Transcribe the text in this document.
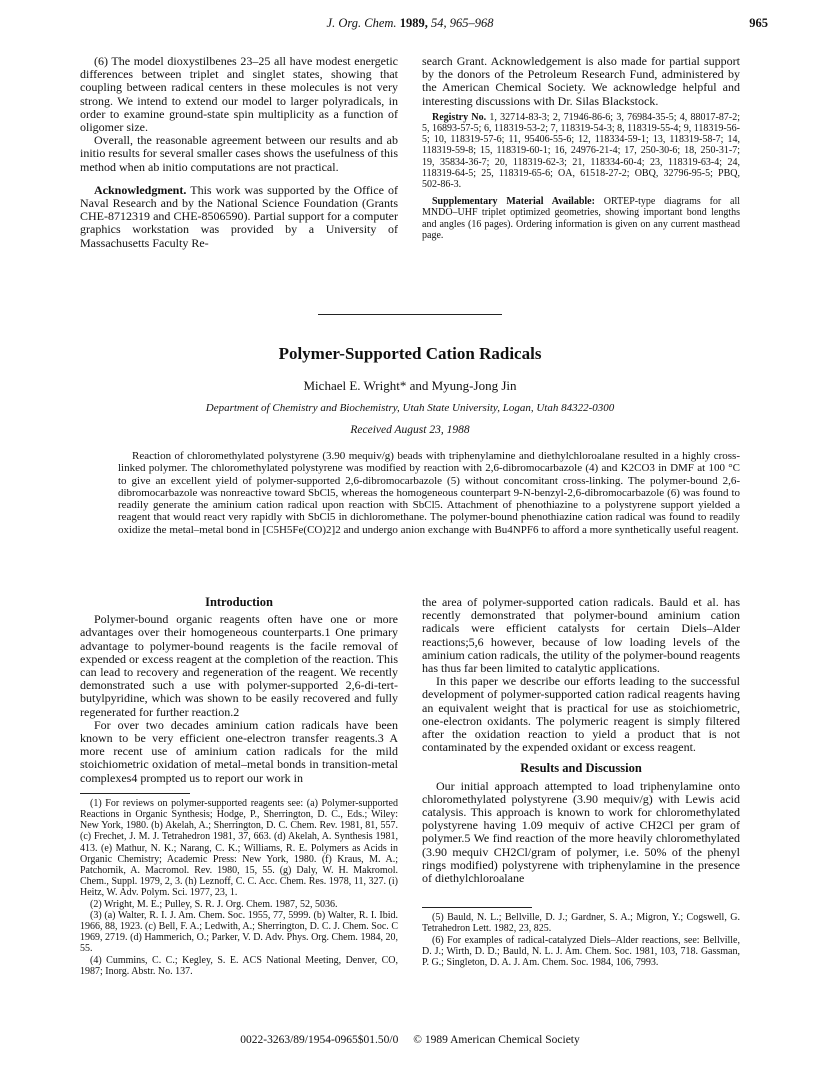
J. Org. Chem. 1989, 54, 965–968	965

(6) The model dioxystilbenes 23–25 all have modest energetic differences between triplet and singlet states, showing that coupling between radical centers in these molecules is not very strong. We intend to extend our model to larger polyradicals, in order to examine ground-state spin multiplicity as a function of oligomer size.

Overall, the reasonable agreement between our results and ab initio results for several smaller cases shows the usefulness of this method when ab initio computations are not practical.

Acknowledgment. This work was supported by the Office of Naval Research and by the National Science Foundation (Grants CHE-8712319 and CHE-8506590). Partial support for a computer graphics workstation was provided by a University of Massachusetts Faculty Re-

search Grant. Acknowledgement is also made for partial support by the donors of the Petroleum Research Fund, administered by the American Chemical Society. We acknowledge helpful and interesting discussions with Dr. Silas Blackstock.

Registry No. 1, 32714-83-3; 2, 71946-86-6; 3, 76984-35-5; 4, 88017-87-2; 5, 16893-57-5; 6, 118319-53-2; 7, 118319-54-3; 8, 118319-55-4; 9, 118319-56-5; 10, 118319-57-6; 11, 95406-55-6; 12, 118334-59-1; 13, 118319-58-7; 14, 118319-59-8; 15, 118319-60-1; 16, 24976-21-4; 17, 250-30-6; 18, 250-31-7; 19, 35834-36-7; 20, 118319-62-3; 21, 118334-60-4; 23, 118319-63-4; 24, 118319-64-5; 25, 118319-65-6; OA, 61518-27-2; OBQ, 32796-95-5; PBQ, 502-86-3.

Supplementary Material Available: ORTEP-type diagrams for all MNDO–UHF triplet optimized geometries, showing important bond lengths and angles (16 pages). Ordering information is given on any current masthead page.

Polymer-Supported Cation Radicals
Michael E. Wright* and Myung-Jong Jin
Department of Chemistry and Biochemistry, Utah State University, Logan, Utah 84322-0300
Received August 23, 1988

Reaction of chloromethylated polystyrene (3.90 mequiv/g) beads with triphenylamine and diethylchloroalane resulted in a highly cross-linked polymer. The chloromethylated polystyrene was modified by reaction with 2,6-dibromocarbazole (4) and K2CO3 in DMF at 100 °C to give an excellent yield of polymer-supported 2,6-dibromocarbazole (5) without concomitant cross-linking. The polymer-bound 2,6-dibromocarbazole was nonreactive toward SbCl5, whereas the homogeneous counterpart 9-N-benzyl-2,6-dibromocarbazole (6) was found to readily generate the aminium cation radical upon reaction with SbCl5. Attachment of phenothiazine to a polystyrene support yielded a reagent that would react very rapidly with SbCl5 in dichloromethane. The polymer-bound phenothiazine cation radical was found to readily oxidize the metal–metal bond in [C5H5Fe(CO)2]2 and undergo anion exchange with Bu4NPF6 to afford a more synthetically useful reagent.

Introduction

Polymer-bound organic reagents often have one or more advantages over their homogeneous counterparts.1 One primary advantage to polymer-bound reagents is the facile removal of expended or excess reagent at the completion of the reaction. This can lead to recovery and regeneration of the reagent. We recently demonstrated such a use with polymer-supported 2,6-di-tert-butylpyridine, which was shown to be easily recovered and fully regenerated for further reaction.2

For over two decades aminium cation radicals have been known to be very efficient one-electron transfer reagents.3 A more recent use of aminium cation radicals for the mild stoichiometric oxidation of metal–metal bonds in transition-metal complexes4 prompted us to report our work in

(1) For reviews on polymer-supported reagents see: (a) Polymer-supported Reactions in Organic Synthesis; Hodge, P., Sherrington, D. C., Eds.; Wiley: New York, 1980. (b) Akelah, A.; Sherrington, D. C. Chem. Rev. 1981, 81, 557. (c) Frechet, J. M. J. Tetrahedron 1981, 37, 663. (d) Akelah, A. Synthesis 1981, 413. (e) Mathur, N. K.; Narang, C. K.; Williams, R. E. Polymers as Acids in Organic Chemistry; Academic Press: New York, 1980. (f) Kraus, M. A.; Patchornik, A. Macromol. Rev. 1980, 15, 55. (g) Daly, W. H. Makromol. Chem., Suppl. 1979, 2, 3. (h) Leznoff, C. C. Acc. Chem. Res. 1978, 11, 327. (i) Heitz, W. Adv. Polym. Sci. 1977, 23, 1.

(2) Wright, M. E.; Pulley, S. R. J. Org. Chem. 1987, 52, 5036.

(3) (a) Walter, R. I. J. Am. Chem. Soc. 1955, 77, 5999. (b) Walter, R. I. Ibid. 1966, 88, 1923. (c) Bell, F. A.; Ledwith, A.; Sherrington, D. C. J. Chem. Soc. C 1969, 2719. (d) Hammerich, O.; Parker, V. D. Adv. Phys. Org. Chem. 1984, 20, 55.

(4) Cummins, C. C.; Kegley, S. E. ACS National Meeting, Denver, CO, 1987; Inorg. Abstr. No. 137.

the area of polymer-supported cation radicals. Bauld et al. has recently demonstrated that polymer-bound aminium cation radicals were efficient catalysts for certain Diels–Alder reactions;5,6 however, because of low loading levels of the aminium cation radicals, the utility of the polymer-bound reagents has thus far been limited to catalytic applications.

In this paper we describe our efforts leading to the successful development of polymer-supported cation radical reagents having an equivalent weight that is practical for use as stoichiometric, one-electron oxidants. The polymeric reagent is simply filtered after the oxidation reaction to yield a product that is not contaminated by the expended oxidant or excess reagent.

Results and Discussion

Our initial approach attempted to load triphenylamine onto chloromethylated polystyrene (3.90 mequiv/g) with Lewis acid catalysis. This approach is known to work for chloromethylated polystyrene having 1.09 mequiv of active CH2Cl per gram of polymer.5 We find reaction of the more heavily chloromethylated (3.90 mequiv CH2Cl/gram of polymer, i.e. 50% of the phenyl rings modified) polystyrene with triphenylamine in the presence of diethylchloroalane

(5) Bauld, N. L.; Bellville, D. J.; Gardner, S. A.; Migron, Y.; Cogswell, G. Tetrahedron Lett. 1982, 23, 825.

(6) For examples of radical-catalyzed Diels–Alder reactions, see: Bellville, D. J.; Wirth, D. D.; Bauld, N. L. J. Am. Chem. Soc. 1981, 103, 718. Gassman, P. G.; Singleton, D. A. J. Am. Chem. Soc. 1984, 106, 7993.

0022-3263/89/1954-0965$01.50/0 © 1989 American Chemical Society
